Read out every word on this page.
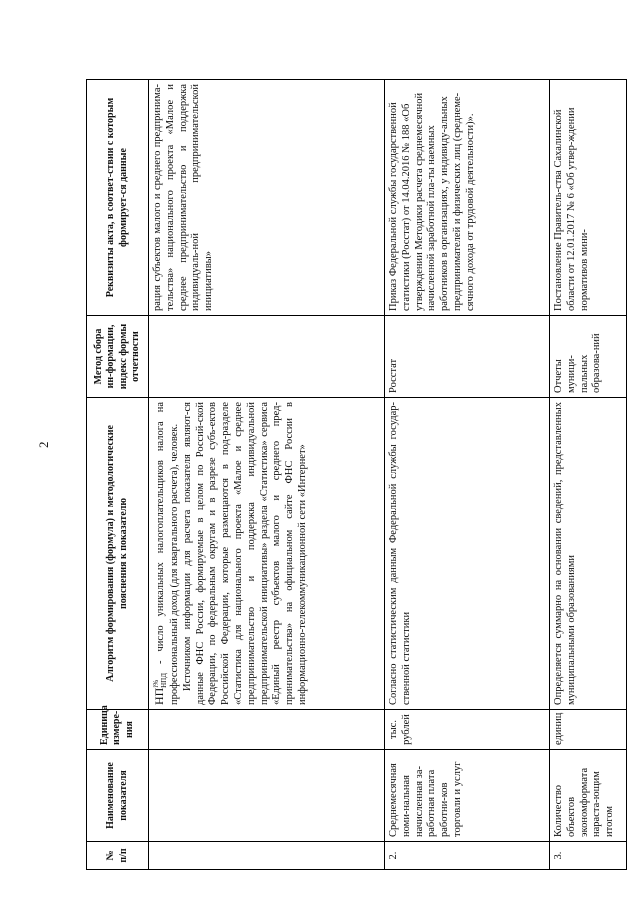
2
№ п/п	Наименование показателя	Единица измере-ния	Алгоритм формирования (формула) и методологические пояснения к показателю	Метод сбора ин-формации, индекс формы отчетности	Реквизиты акта, в соответ-ствии с которым формирует-ся данные

			$НП^{i\%}_{НПД}$ - число уникальных налогоплательщиков налога на профессиональный доход (для квартального расчета), человек. Источником информации для расчета показателя являют-ся данные ФНС России, формируемые в целом по Россий-ской Федерации, по федеральным округам и в разрезе субъ-ектов Российской Федерации, которые размещаются в под-разделе «Статистика для национального проекта «Малое и среднее предпринимательство и поддержка индивидуальной предпринимательской инициативы» раздела «Статистика» сервиса «Единый реестр субъектов малого и среднего пред-принимательства» на официальном сайте ФНС России в информационно-телекоммуникационной сети «Интернет»		рация субъектов малого и среднего предпринима-тельства» национального проекта «Малое и среднее предпринимательство и поддержка индивидуаль-ной предпринимательской инициативы»
2.	Среднемесячная номи-нальная начисленная за-работная плата работни-ков торговли и услуг	тыс. рублей	Согласно статистическим данным Федеральной службы государ-ственной статистики	Росстат	Приказ Федеральной службы государственной статистики (Росстат) от 14.04.2016 № 188 «Об утверждении Методики расчета среднемесячной начисленной заработной пла-ты наемных работников в организациях, у индивиду-альных предпринимателей и физических лиц (среднеме-сячного дохода от трудовой деятельности)».
3.	Количество объектов экономформата нараста-ющим итогом	единиц	Определяется суммарно на основании сведений, представленных муниципальными образованиями	Отчеты муници-пальных образова-ний	Постановление Правитель-ства Сахалинской области от 12.01.2017 № 6 «Об утвер-ждении нормативов мини-
